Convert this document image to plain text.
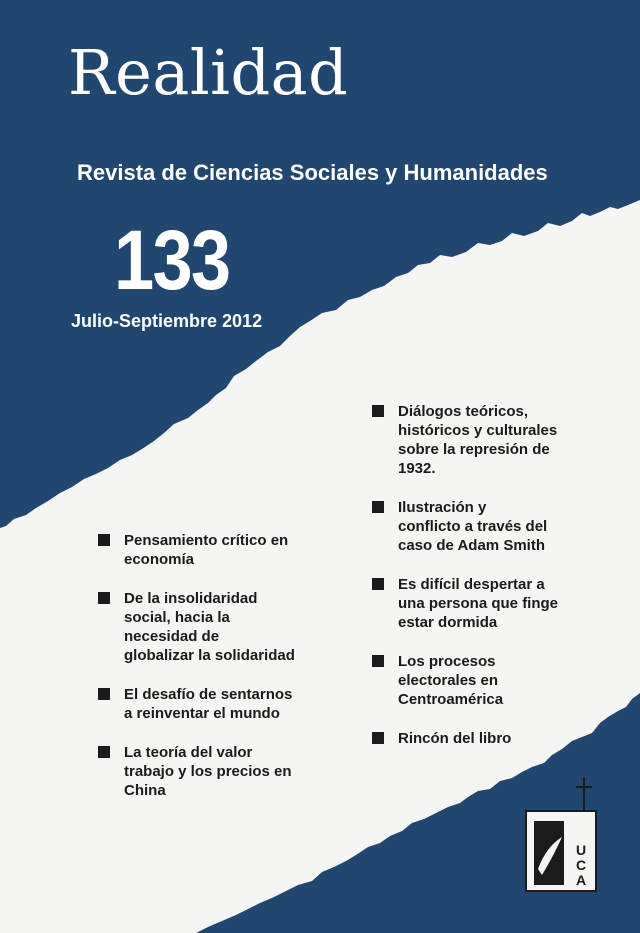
Realidad

Revista de Ciencias Sociales y Humanidades

133
Julio-Septiembre 2012
Pensamiento crítico en
economía
De la insolidaridad
social, hacia la
necesidad de
globalizar la solidaridad
El desafío de sentarnos
a reinventar el mundo
La teoría del valor
trabajo y los precios en
China
Diálogos teóricos,
históricos y culturales
sobre la represión de
1932.
Ilustración y
conflicto a través del
caso de Adam Smith
Es difícil despertar a
una persona que finge
estar dormida
Los procesos
electorales en
Centroamérica
Rincón del libro
U
C
A
